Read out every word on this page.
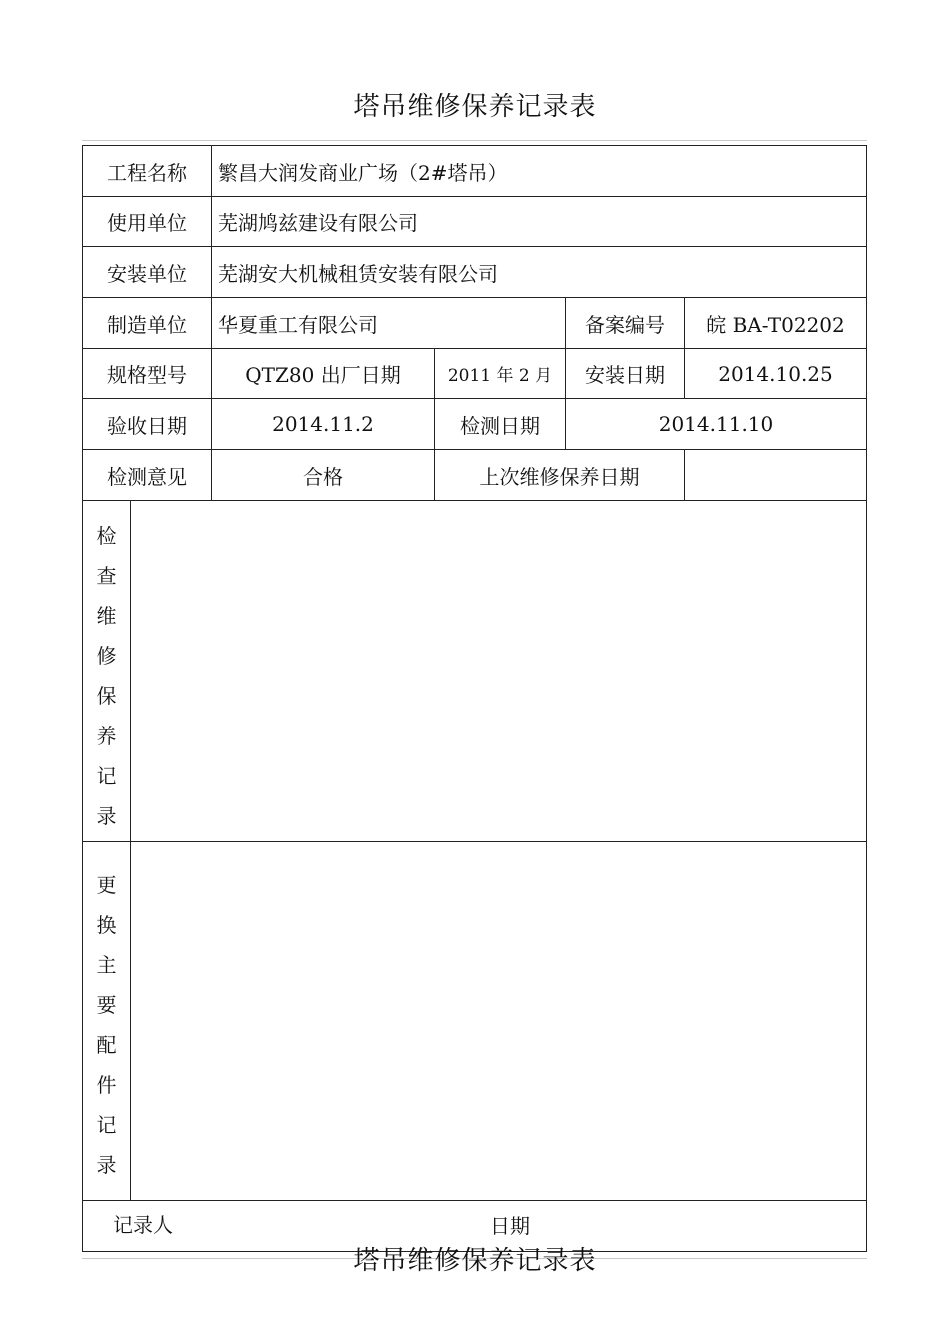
塔吊维修保养记录表
工程名称	繁昌大润发商业广场（2#塔吊）
使用单位	芜湖鸠兹建设有限公司
安装单位	芜湖安大机械租赁安装有限公司
制造单位	华夏重工有限公司	备案编号	皖 BA-T02202
规格型号	QTZ80 出厂日期	2011 年 2 月	安装日期	2014.10.25
验收日期	2014.11.2	检测日期	2014.11.10
检测意见	合格	上次维修保养日期
检
查
维
修
保
养
记
录
更
换
主
要
配
件
记
录
记录人	日期
塔吊维修保养记录表
